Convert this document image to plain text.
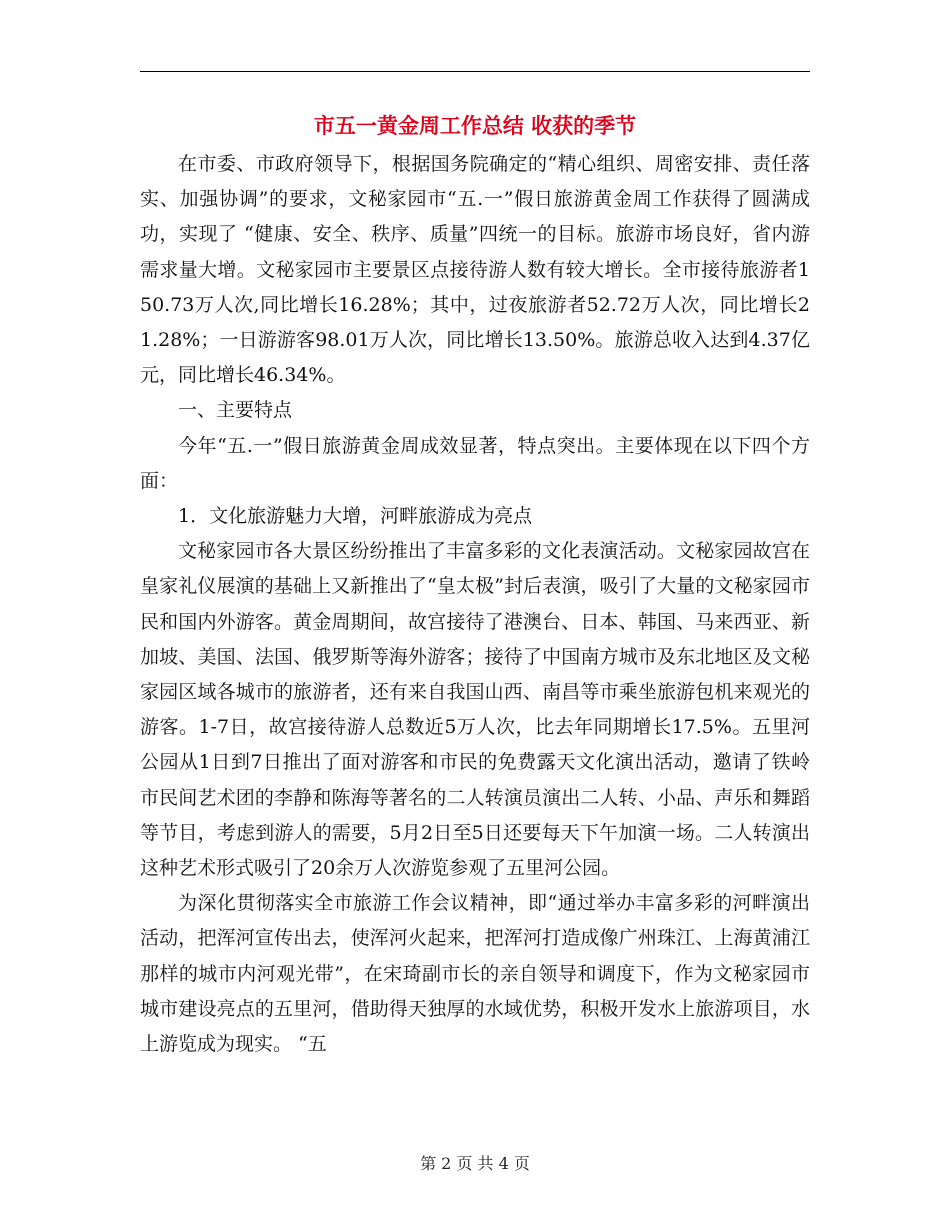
市五一黄金周工作总结 收获的季节

在市委、市政府领导下，根据国务院确定的“精心组织、周密安排、责任落实、加强协调”的要求，文秘家园市“五.一”假日旅游黄金周工作获得了圆满成功，实现了 “健康、安全、秩序、质量”四统一的目标。旅游市场良好，省内游需求量大增。文秘家园市主要景区点接待游人数有较大增长。全市接待旅游者150.73万人次,同比增长16.28%；其中，过夜旅游者52.72万人次，同比增长21.28%；一日游游客98.01万人次，同比增长13.50%。旅游总收入达到4.37亿元，同比增长46.34%。

一、主要特点

今年“五.一”假日旅游黄金周成效显著，特点突出。主要体现在以下四个方面：

1．文化旅游魅力大增，河畔旅游成为亮点

文秘家园市各大景区纷纷推出了丰富多彩的文化表演活动。文秘家园故宫在皇家礼仪展演的基础上又新推出了“皇太极”封后表演，吸引了大量的文秘家园市民和国内外游客。黄金周期间，故宫接待了港澳台、日本、韩国、马来西亚、新加坡、美国、法国、俄罗斯等海外游客；接待了中国南方城市及东北地区及文秘家园区域各城市的旅游者，还有来自我国山西、南昌等市乘坐旅游包机来观光的游客。1-7日，故宫接待游人总数近5万人次，比去年同期增长17.5%。五里河公园从1日到7日推出了面对游客和市民的免费露天文化演出活动，邀请了铁岭市民间艺术团的李静和陈海等著名的二人转演员演出二人转、小品、声乐和舞蹈等节目，考虑到游人的需要，5月2日至5日还要每天下午加演一场。二人转演出这种艺术形式吸引了20余万人次游览参观了五里河公园。

为深化贯彻落实全市旅游工作会议精神，即“通过举办丰富多彩的河畔演出活动，把浑河宣传出去，使浑河火起来，把浑河打造成像广州珠江、上海黄浦江那样的城市内河观光带”，在宋琦副市长的亲自领导和调度下，作为文秘家园市城市建设亮点的五里河，借助得天独厚的水域优势，积极开发水上旅游项目，水上游览成为现实。 “五

第 2 页 共 4 页
